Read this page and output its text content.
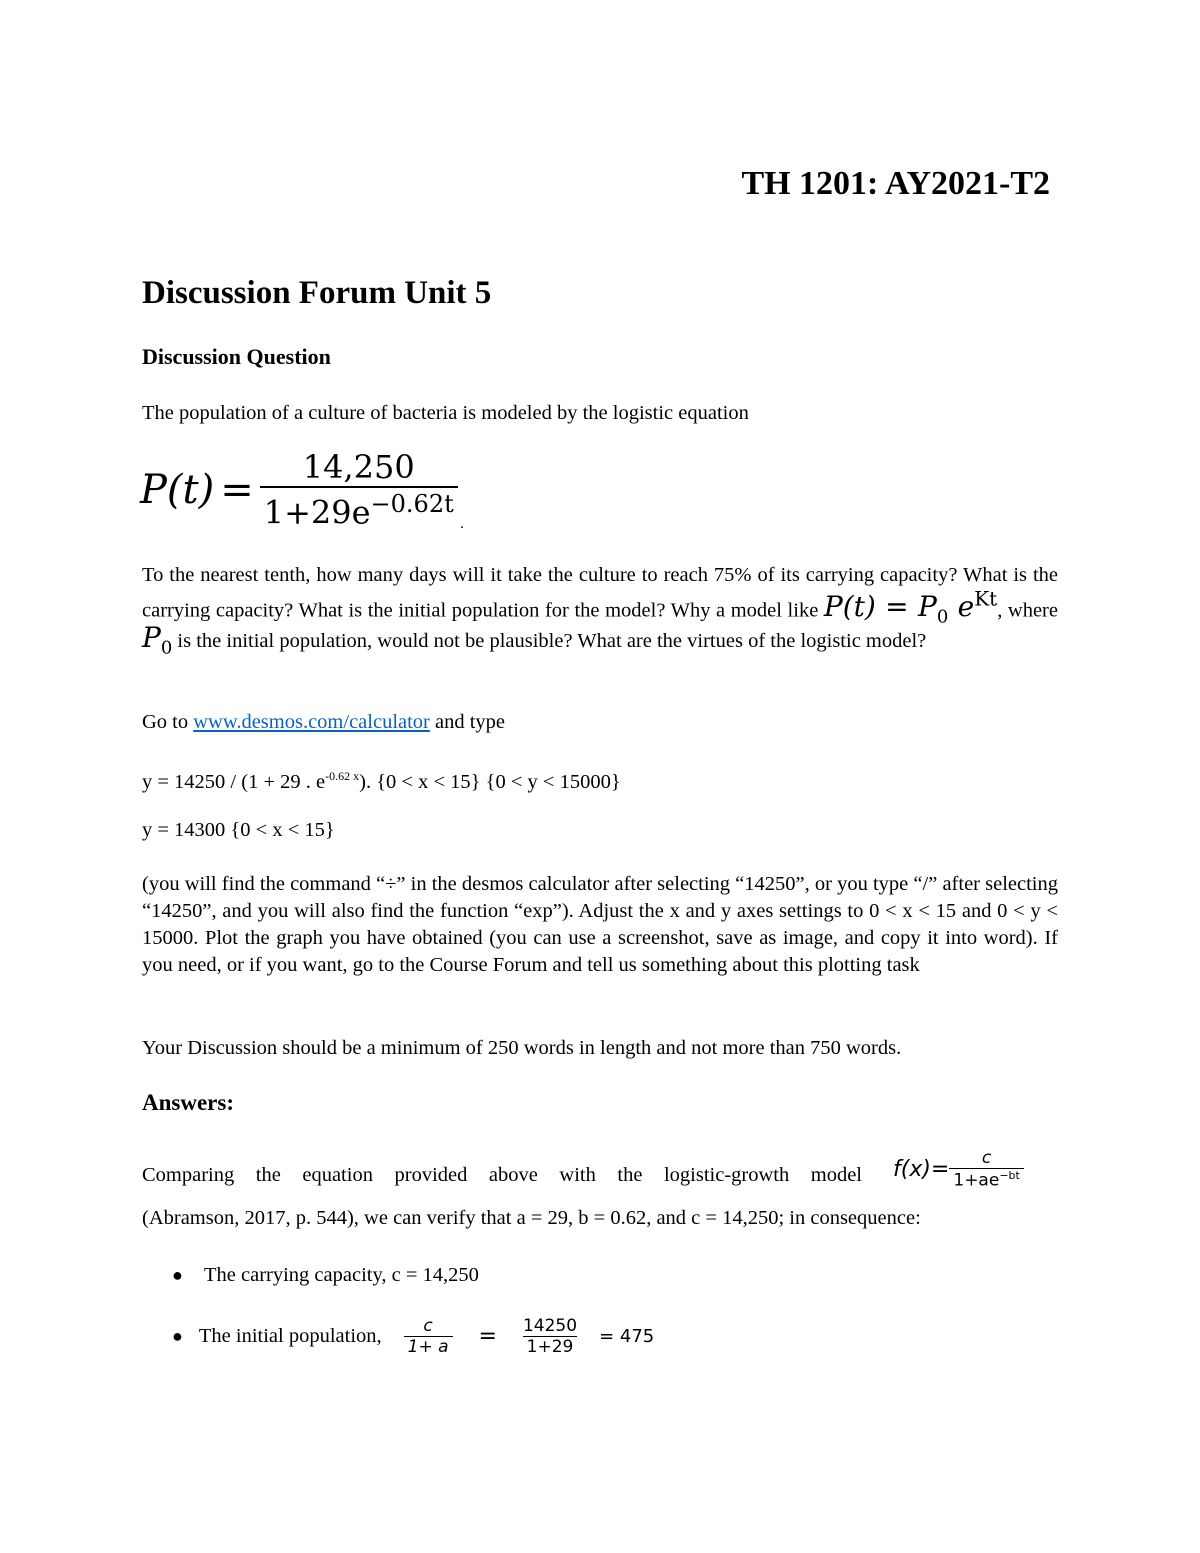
TH 1201: AY2021-T2
Discussion Forum Unit 5
Discussion Question
The population of a culture of bacteria is modeled by the logistic equation
$P(t) = \frac{14,250}{1+29e^{-0.62t}}$ .
To the nearest tenth, how many days will it take the culture to reach 75% of its carrying capacity? What is the carrying capacity? What is the initial population for the model? Why a model like $P(t) = P_0$ $e^{Kt}$, where $P_0$ is the initial population, would not be plausible? What are the virtues of the logistic model?
Go to www.desmos.com/calculator and type
y = 14250 / (1 + 29 . $e^{-0.62 x}$). {0 < x < 15} {0 < y < 15000}
y = 14300 {0 < x < 15}
(you will find the command “÷” in the desmos calculator after selecting “14250”, or you type “/” after selecting “14250”, and you will also find the function “exp”). Adjust the x and y axes settings to 0 < x < 15 and 0 < y < 15000. Plot the graph you have obtained (you can use a screenshot, save as image, and copy it into word). If you need, or if you want, go to the Course Forum and tell us something about this plotting task
Your Discussion should be a minimum of 250 words in length and not more than 750 words.
Answers:
Comparing the equation provided above with the logistic-growth model $f(x)= \frac{c}{1+ae^{-bt}}$
(Abramson, 2017, p. 544), we can verify that a = 29, b = 0.62, and c = 14,250; in consequence:
● The carrying capacity, c = 14,250
● The initial population, $\frac{c}{1+ a} = \frac{14250}{1+29} = 475$
